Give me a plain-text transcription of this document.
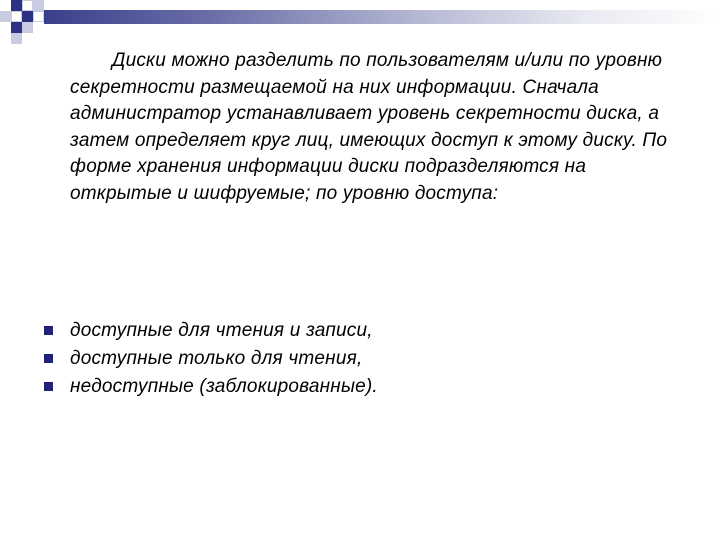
Диски можно разделить по пользователям и/или по уровню секретности размещаемой на них информации. Сначала администратор устанавливает уровень секретности диска, а затем определяет круг лиц, имеющих доступ к этому диску. По форме хранения информации диски подразделяются на открытые и шифруемые; по уровню доступа:

доступные для чтения и записи,
доступные только для чтения,
недоступные (заблокированные).
